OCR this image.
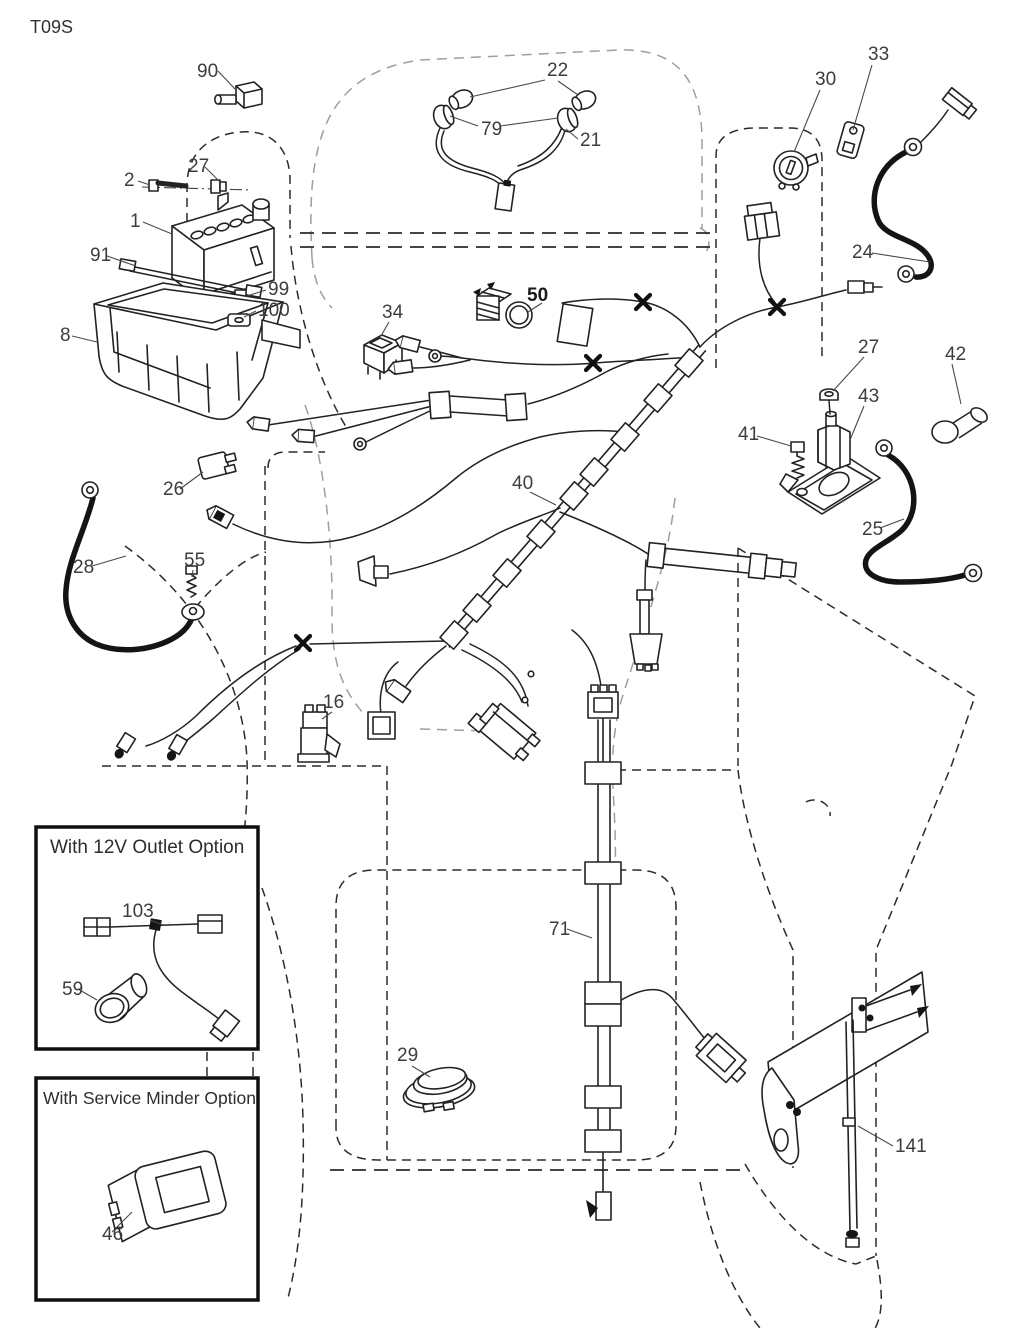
With 12V Outlet Option
With Service Minder Option
T09S
90	22
79
21
30
33
2
27
1
91
99
100
8
34
50
24
27	42
43
41
26	40
28	55
25
16
71
103
59
29
46
141
